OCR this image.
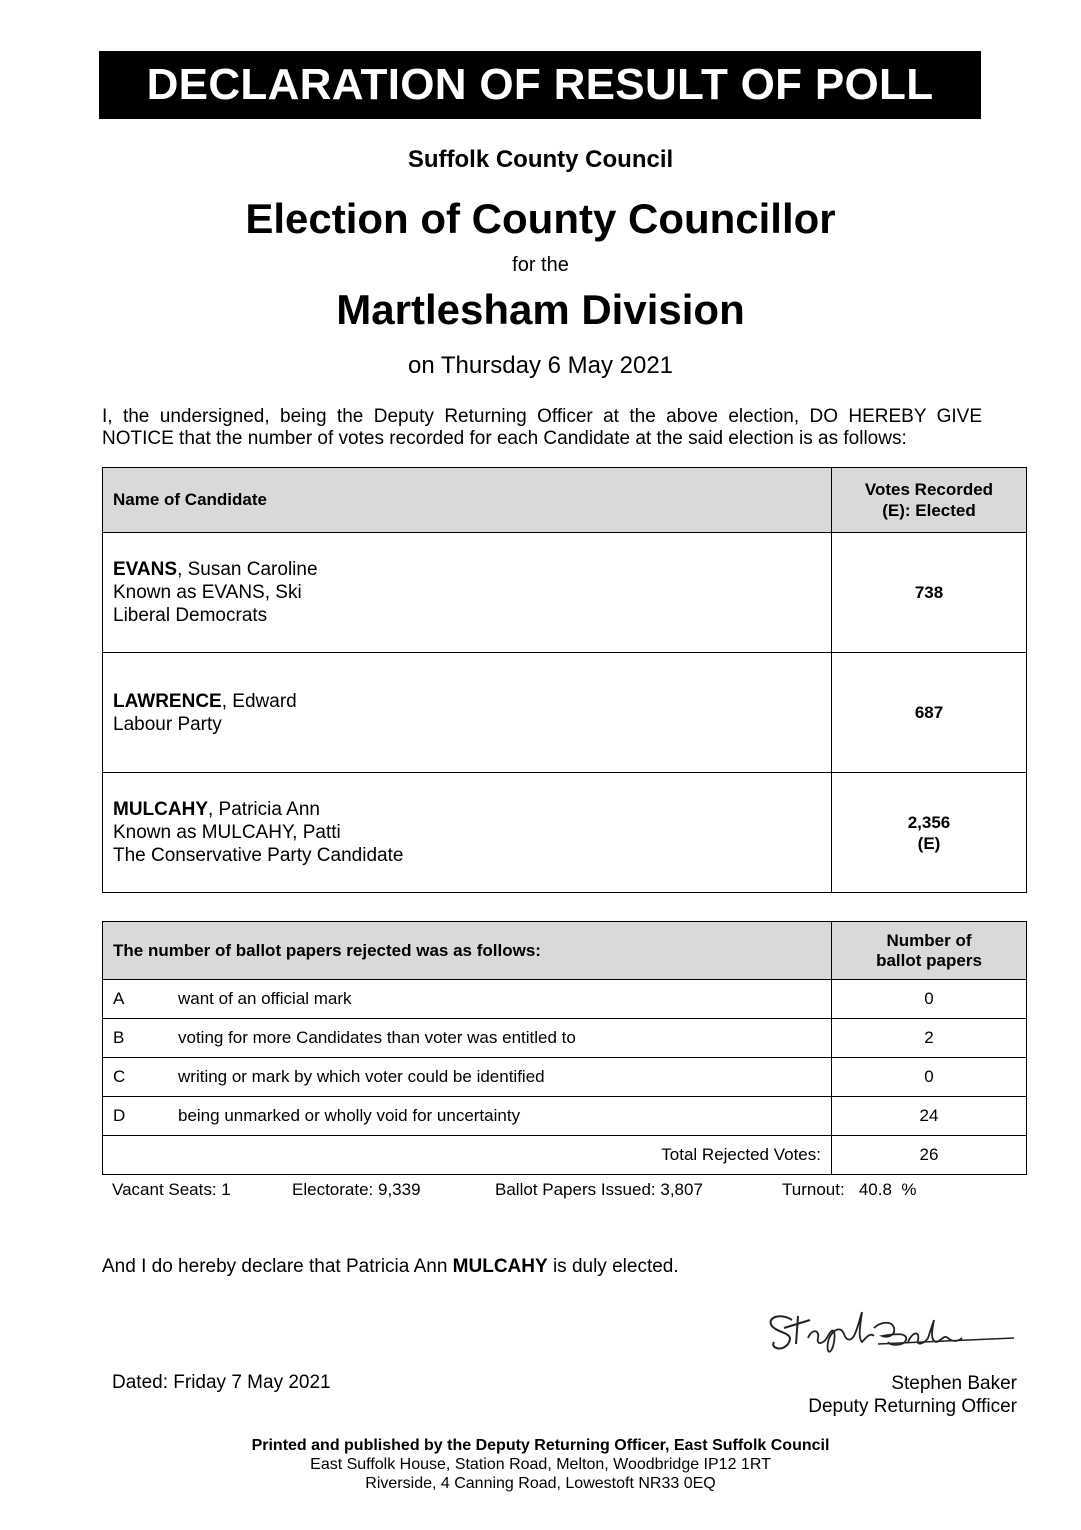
DECLARATION OF RESULT OF POLL
Suffolk County Council
Election of County Councillor
for the
Martlesham Division
on Thursday 6 May 2021
I, the undersigned, being the Deputy Returning Officer at the above election, DO HEREBY GIVE NOTICE that the number of votes recorded for each Candidate at the said election is as follows:
Name of Candidate	Votes Recorded
(E): Elected
EVANS, Susan Caroline
Known as EVANS, Ski
Liberal Democrats	738
LAWRENCE, Edward
Labour Party	687
MULCAHY, Patricia Ann
Known as MULCAHY, Patti
The Conservative Party Candidate	2,356
(E)
The number of ballot papers rejected was as follows:	Number of
ballot papers
A want of an official mark	0
B voting for more Candidates than voter was entitled to	2
C writing or mark by which voter could be identified	0
D being unmarked or wholly void for uncertainty	24
Total Rejected Votes:	26
Vacant Seats: 1	Electorate: 9,339	Ballot Papers Issued: 3,807	Turnout:   40.8  %
And I do hereby declare that Patricia Ann MULCAHY is duly elected.
Dated: Friday 7 May 2021	Stephen Baker
Deputy Returning Officer
Printed and published by the Deputy Returning Officer, East Suffolk Council
East Suffolk House, Station Road, Melton, Woodbridge IP12 1RT
Riverside, 4 Canning Road, Lowestoft NR33 0EQ
